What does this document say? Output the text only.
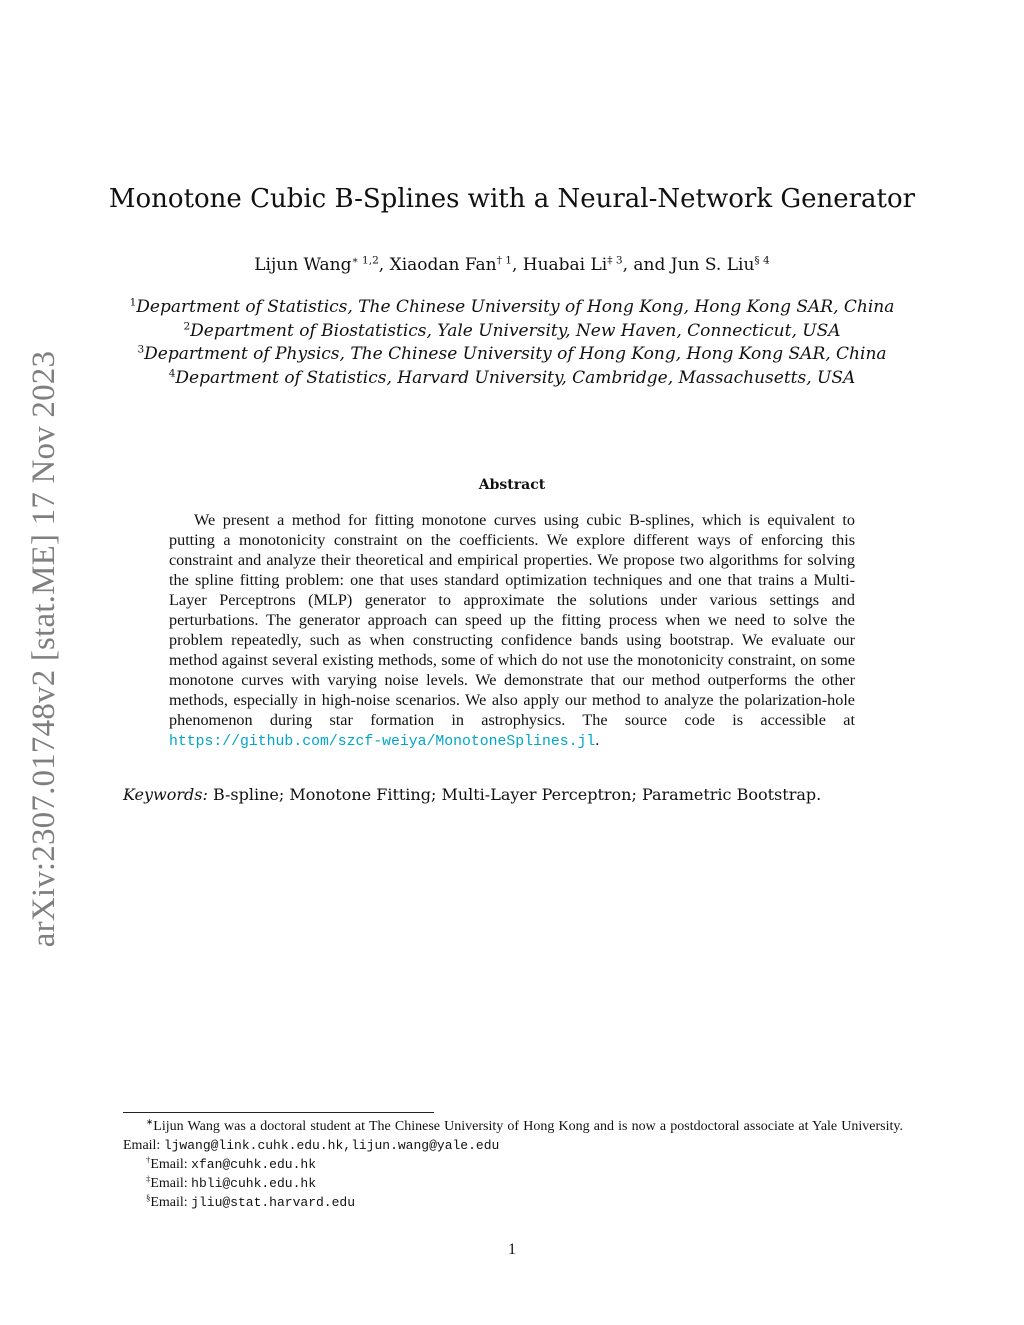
arXiv:2307.01748v2 [stat.ME] 17 Nov 2023
Monotone Cubic B-Splines with a Neural-Network Generator
Lijun Wang$^{∗ 1,2}$, Xiaodan Fan$^{\dagger 1}$, Huabai Li$^{\ddagger 3}$, and Jun S. Liu$^{\S 4}$
$^1$Department of Statistics, The Chinese University of Hong Kong, Hong Kong SAR, China
$^2$Department of Biostatistics, Yale University, New Haven, Connecticut, USA
$^3$Department of Physics, The Chinese University of Hong Kong, Hong Kong SAR, China
$^4$Department of Statistics, Harvard University, Cambridge, Massachusetts, USA
Abstract

We present a method for fitting monotone curves using cubic B-splines, which is equivalent to putting a monotonicity constraint on the coefficients. We explore different ways of enforcing this constraint and analyze their theoretical and empirical properties. We propose two algorithms for solving the spline fitting problem: one that uses standard optimization techniques and one that trains a Multi-Layer Perceptrons (MLP) generator to approximate the solutions under various settings and perturbations. The generator approach can speed up the fitting process when we need to solve the problem repeatedly, such as when constructing confidence bands using bootstrap. We evaluate our method against several existing methods, some of which do not use the monotonicity constraint, on some monotone curves with varying noise levels. We demonstrate that our method outperforms the other methods, especially in high-noise scenarios. We also apply our method to analyze the polarization-hole phenomenon during star formation in astrophysics. The source code is accessible at https://github.com/szcf-weiya/MonotoneSplines.jl.

Keywords: B-spline; Monotone Fitting; Multi-Layer Perceptron; Parametric Bootstrap.

∗Lijun Wang was a doctoral student at The Chinese University of Hong Kong and is now a postdoctoral associate at Yale University. Email: ljwang@link.cuhk.edu.hk,lijun.wang@yale.edu

†Email: xfan@cuhk.edu.hk

‡Email: hbli@cuhk.edu.hk

§Email: jliu@stat.harvard.edu

1
